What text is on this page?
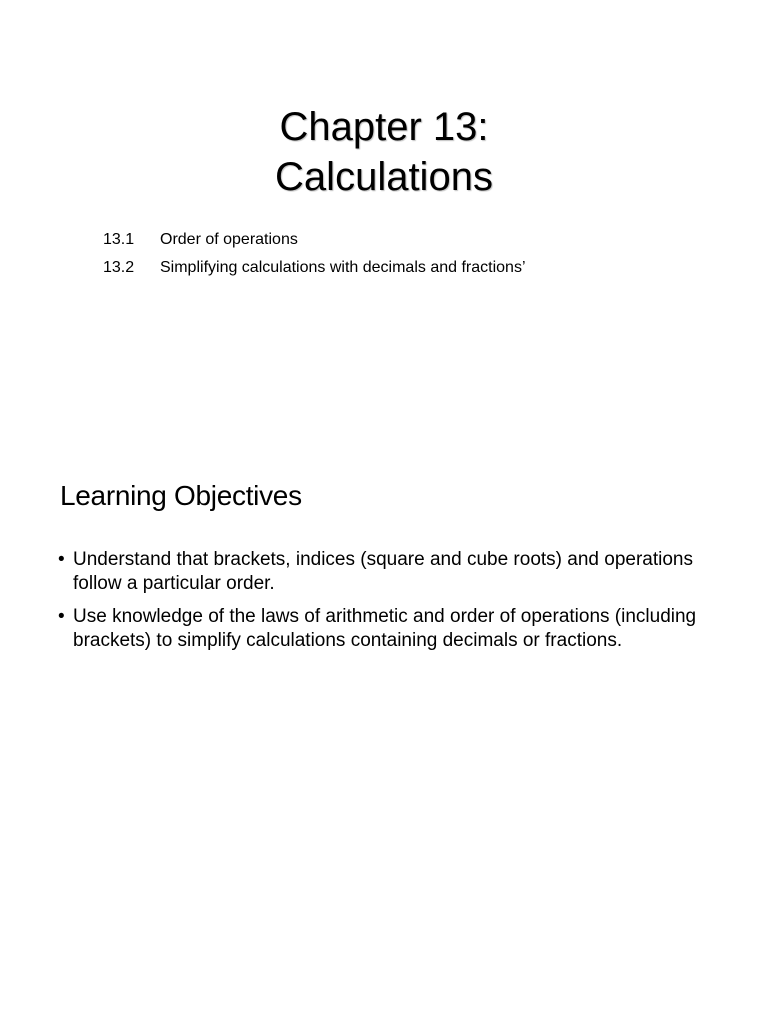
Chapter 13:
Calculations
13.1	Order of operations
13.2	Simplifying calculations with decimals and fractions’
Learning Objectives
• Understand that brackets, indices (square and cube roots) and operations follow a particular order.
• Use knowledge of the laws of arithmetic and order of operations (including brackets) to simplify calculations containing decimals or fractions.
